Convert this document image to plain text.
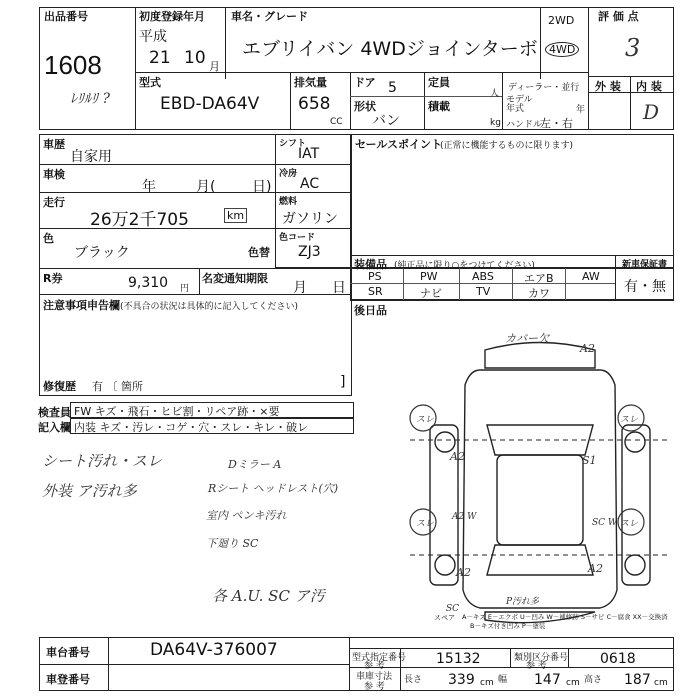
出品番号
1608
ﾚﾘﾙﾘ ?
初度登録年月
平成
21 10 月
車名・グレード
エブリイバン 4WDジョインターボ
2WD
4WD
評 価 点
3
外 装 内 装
D
型式
EBD-DA64V
排気量
658
CC
ドア 5	定員
人
形状
バン
積載
kg
ディーラー・並行
モデル年式	年
ハンドル
左・右
車歴
自家用
車検
年	月(	日)
走行
26万2千705	km
色
ブラック	色替
R券	9,310 円
名変通知期限
月 日
注意事項申告欄 (不具合の状況は具体的に記入してください)
修復歴 有 〔 箇所	]
シフト
IAT
冷房
AC
燃料
ガソリン
色コード
ZJ3
セールスポイント
(正常に機能するものに限ります)
装備品 (純正品に限り○をつけてください)
PS	PW	ABS	エアB	AW
SR	ナビ	TV	カワ
新車保証書
有・無
後日品
検査員
記入欄
FW キズ・飛石・ヒビ割・リペア跡・×要
内装 キズ・汚レ・コゲ・穴・スレ・キレ・破レ
シート汚れ・スレ
外装 ア汚れ多
Dミラー A
Rシート ヘッドレスト(穴)
室内 ペンキ汚れ
下廻り SC
各 A.U. SC ア汚
カバー欠
A2
スレ	スレ
A2	S1
A2 W
SC W
スレ	スレ
A2	A2
SC
P汚れ多
スペア A－キズ E－エクボ U－凹み W－補修跡 S－サビ C－腐食 XX－交換済
B－キズ付き凹み P－塗装
車台番号	DA64V-376007
車登番号
型式指定番号
参 考	15132	類別区分番号
参 考	0618
車庫寸法
参 考
長さ 339 cm 幅 147 cm 高さ 187 cm
